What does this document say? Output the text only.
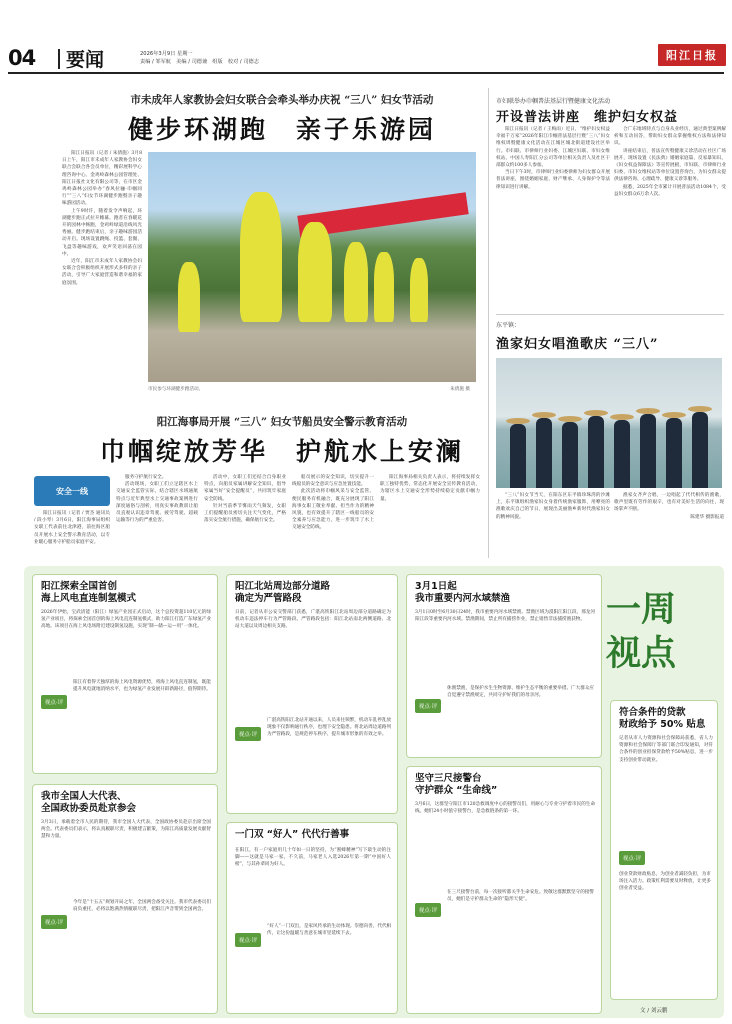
04 要闻	2026年3月9日 星期一
责编 / 邹军航　美编 / 司德兼　组版　校对 / 司德志	阳江日报
市未成年人家教协会妇女联合会牵头举办庆祝 “三八” 妇女节活动
健步环湖跑　亲子乐游园

阳江日报讯（记者 / 朱倩施）3月8日上午，阳江市未成年人家教协会妇女联合会联合各会员单位，精彩展科学心理咨询中心、金鸡岭森林公园管理处、阳江日报社文化有限公司等，在市区金鸡岭森林公园举办“春风拉骊·巾帼同行”“三八”妇女节环湖健步跑暨亲子趣味游园活动。

上午9时许，随着发令声响起，环湖健步跑正式拉开帷幕。跑者在春暖花开的园林中畅跑，金鸡岭绿道沿线风光秀丽。健步跑结束后，亲子趣味游园活动开启。现场设置跳绳、投篮、套圈、飞盘等趣味游戏，欢声笑语回荡在园中。

近年，阳江市未成年人家教协会妇女联合会积极组织开展形式多样的亲子活动，引导广大家庭营造和谐幸福的家庭氛围。

市民参与环湖健步跑活动。	朱倩施 摄
阳江海事局开展 “三八” 妇女节船员安全警示教育活动
巾帼绽放芳华　护航水上安澜
安全一线

阳江日报讯（记者 / 贾杰 通讯员 / 段小琴）3月6日，阳江海事局组织女职工代表前往北津港，前往海区船员开展水上安全警示教育活动，以专业暖心服务守护船员家庭平安。

服务守护航行安全。

活动现场，女职工们立足辖区水上交通安全监管实际，结合辖区水域通航特点与近年典型水上交通事故案例进行深度通俗与剖析，用真实事故教训让船员直观认识违章驾驶、疲劳驾驶、超载运输等行为的严重危害。

活动中，女职工们还结合自身职业特点，向船员家属讲解安全知识，倡导家属当好“安全提醒员”，共同筑牢家庭安全防线。

针对当前季节雾雨天气频发，女职工们提醒船员密切关注天气变化，严格落实安全航行措施，确保航行安全。

船员展示的安全知识，切实提升一线船员的安全意识与应急处置技能。

此次活动将巾帼风采与安全监管、便民服务有机融合，既充分展现了阳江海事女职工敬业奉献、担当作为的精神风貌，也有效提升了辖区一线船员的安全素养与应急能力，进一步筑牢了水上交通安全防线。

阳江海事局相关负责人表示，将持续发挥女职工独特优势，常态化开展安全宣传教育活动，为辖区水上交通安全形势持续稳定贡献巾帼力量。

市妇联举办巾帼普法基层行暨健康文化活动
开设普法讲座　维护妇女权益

阳江日报讯（记者 / 王梅雨）近日，“维护妇女权益 幸福千万家”2026年阳江巾帼普法基层行暨“三八”妇女维权周暨健康文化活动在江城区城北街道建设社区举行。市妇联、市律师行业妇委、江城区妇联、市妇女维权站、中国人寿阳江分公司等单位相关负责人及社区干部群众约100多人参加。

当日下午3时，市律师行业妇委律师为妇女群众开展普法讲座，围绕婚姻家庭、财产继承、人身保护令等法律知识进行讲解。

合广东地域特点与自身从业经历，通过典型案例解析和互动问答，帮助妇女群众掌握维权方法和法律知识。

讲座结束后，普法宣传暨健康义诊活动在社区广场展开，现场设置《民法典》婚姻家庭篇、反家暴知识、《妇女权益保障法》等宣传展板，市妇联、市律师行业妇委、市妇女维权站等单位设置咨询台，为妇女群众提供法律咨询、心理疏导、健康义诊等服务。

据悉，2025年全市累计开展普法活动1084个，受益妇女群众6万余人次。

东平镇：
渔家妇女唱渔歌庆 “三八”

“三八”妇女节当天，在阳东区东平镇珍珠湾的沙滩上，东平镇组织渔家妇女身着传统渔家服饰，用嘹亮的渔歌欢庆自己的节日，展现出美丽渔乡新时代渔家妇女的精神风貌。

渔家女齐声合唱，一边唱起了代代相传的渔歌，歌声里既有劳作的艰辛，也有对美好生活的向往，现场掌声不断。

陈建华 摄影报道

一周
视点
阳江探索全国首创
海上风电直连制氢模式
2026年伊始，宝武清能（阳江）绿氢产业园正式启动，这个总投资超110亿元的绿氢产业项目，将探索全国首创的海上风电直连制氢模式，助力阳江打造广东绿氢产业高地。该项目在海上风电场附近建设制氢设施，实现“制—储—运—用”一体化。
视点·评
阳江有着得天独厚的海上风电资源优势，将海上风电直连制氢，既能提升风电就地消纳水平，也为绿氢产业发展开辟新路径，值得期待。
阳江北站周边部分道路
确定为严管路段
日前，记者从市公安交警部门获悉，广湛高铁阳江北站周边部分道路确定为机动车违法停车行为严管路段。严管路段包括：阳江北站南北两侧道路、北站大道以及周边相关支路。
视点·评
广湛高铁阳江北站开通以来，人员来往频繁，机动车乱停乱放现象不仅影响通行秩序，也埋下安全隐患。将北站周边道路列为严管路段，是规范停车秩序、提升城市形象的有效之举。
3月1日起
我市重要内河水域禁渔
3月1日0时至6月30日24时，我市重要内河水域禁渔。禁渔区域为漠阳江阳江段、那龙河阳江段等重要内河水域。禁渔期间，禁止所有捕捞作业，禁止销售非法捕捞渔获物。
视点·评
休渔禁渔，是保护水生生物资源、维护生态平衡的重要举措。广大群众应自觉遵守禁渔规定，共同守护好我们的母亲河。
符合条件的贷款
财政给予 50% 贴息
记者从市人力资源和社会保障局获悉，省人力资源和社会保障厅等部门联合印发通知，对符合条件的创业担保贷款给予50%贴息，进一步支持创业带动就业。
视点·评
创业贷款财政贴息，为创业者减轻负担，为市场注入活力。政策红利需要及时释放，让更多创业者受益。
我市全国人大代表、
全国政协委员赴京参会
3月3日，承载着全市人民的期待，我市全国人大代表、全国政协委员赴京出席全国两会。代表委员们表示，将认真履职尽责，积极建言献策，为阳江高质量发展贡献智慧和力量。
视点·评
今年是“十五五”规划开局之年，全国两会备受关注。我市代表委员们肩负重托，必将以饱满热情履职尽责，把阳江声音带到全国两会。
一门双 “好人” 代代行善事
在阳江，有一户家庭用几十年如一日的坚持，为“蜜蜂精神”写下最生动的注脚——这就是马家一家。不久前，马家老人入选2026年第一期“中国好人榜”，与其孙辈同为好人。
视点·评
“好人”一门双出，是家风传承的生动体现。崇德向善，代代相传，让这份温暖与善意在城市里延续下去。
坚守三尺接警台
守护群众 “生命线”
3月6日，这群坚守阳江市120急救调度中心的接警员们，用耐心与专业守护着市民的生命线。她们24小时值守接警台，是急救链条的第一环。
视点·评
在三尺接警台前，每一次接听都关乎生命安危。致敬这群默默坚守的接警员，她们是守护群众生命的“隐形天使”。
文 / 刘云鹏
